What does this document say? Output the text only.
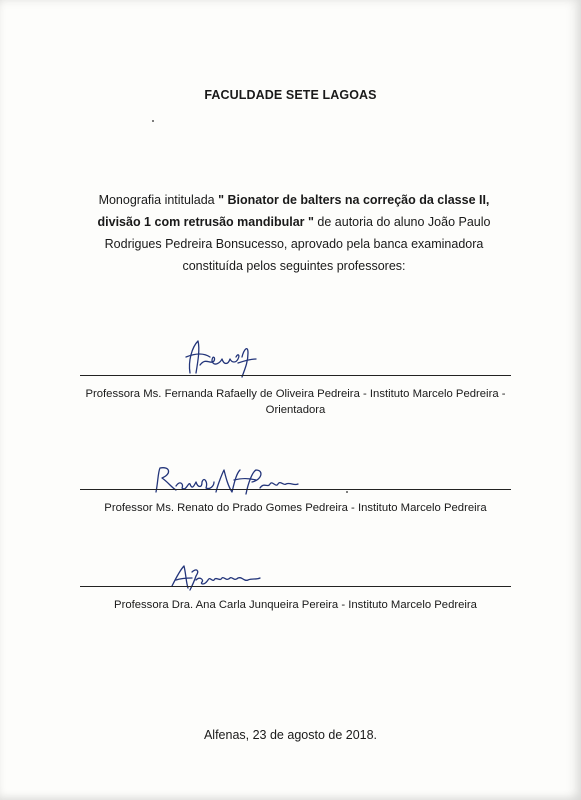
FACULDADE SETE LAGOAS
Monografia intitulada " Bionator de balters na correção da classe II, divisão 1 com retrusão mandibular " de autoria do aluno João Paulo Rodrigues Pedreira Bonsucesso, aprovado pela banca examinadora constituída pelos seguintes professores:
Professora Ms. Fernanda Rafaelly de Oliveira Pedreira - Instituto Marcelo Pedreira - Orientadora
Professor Ms. Renato do Prado Gomes Pedreira - Instituto Marcelo Pedreira
Professora Dra. Ana Carla Junqueira Pereira - Instituto Marcelo Pedreira
Alfenas, 23 de agosto de 2018.
